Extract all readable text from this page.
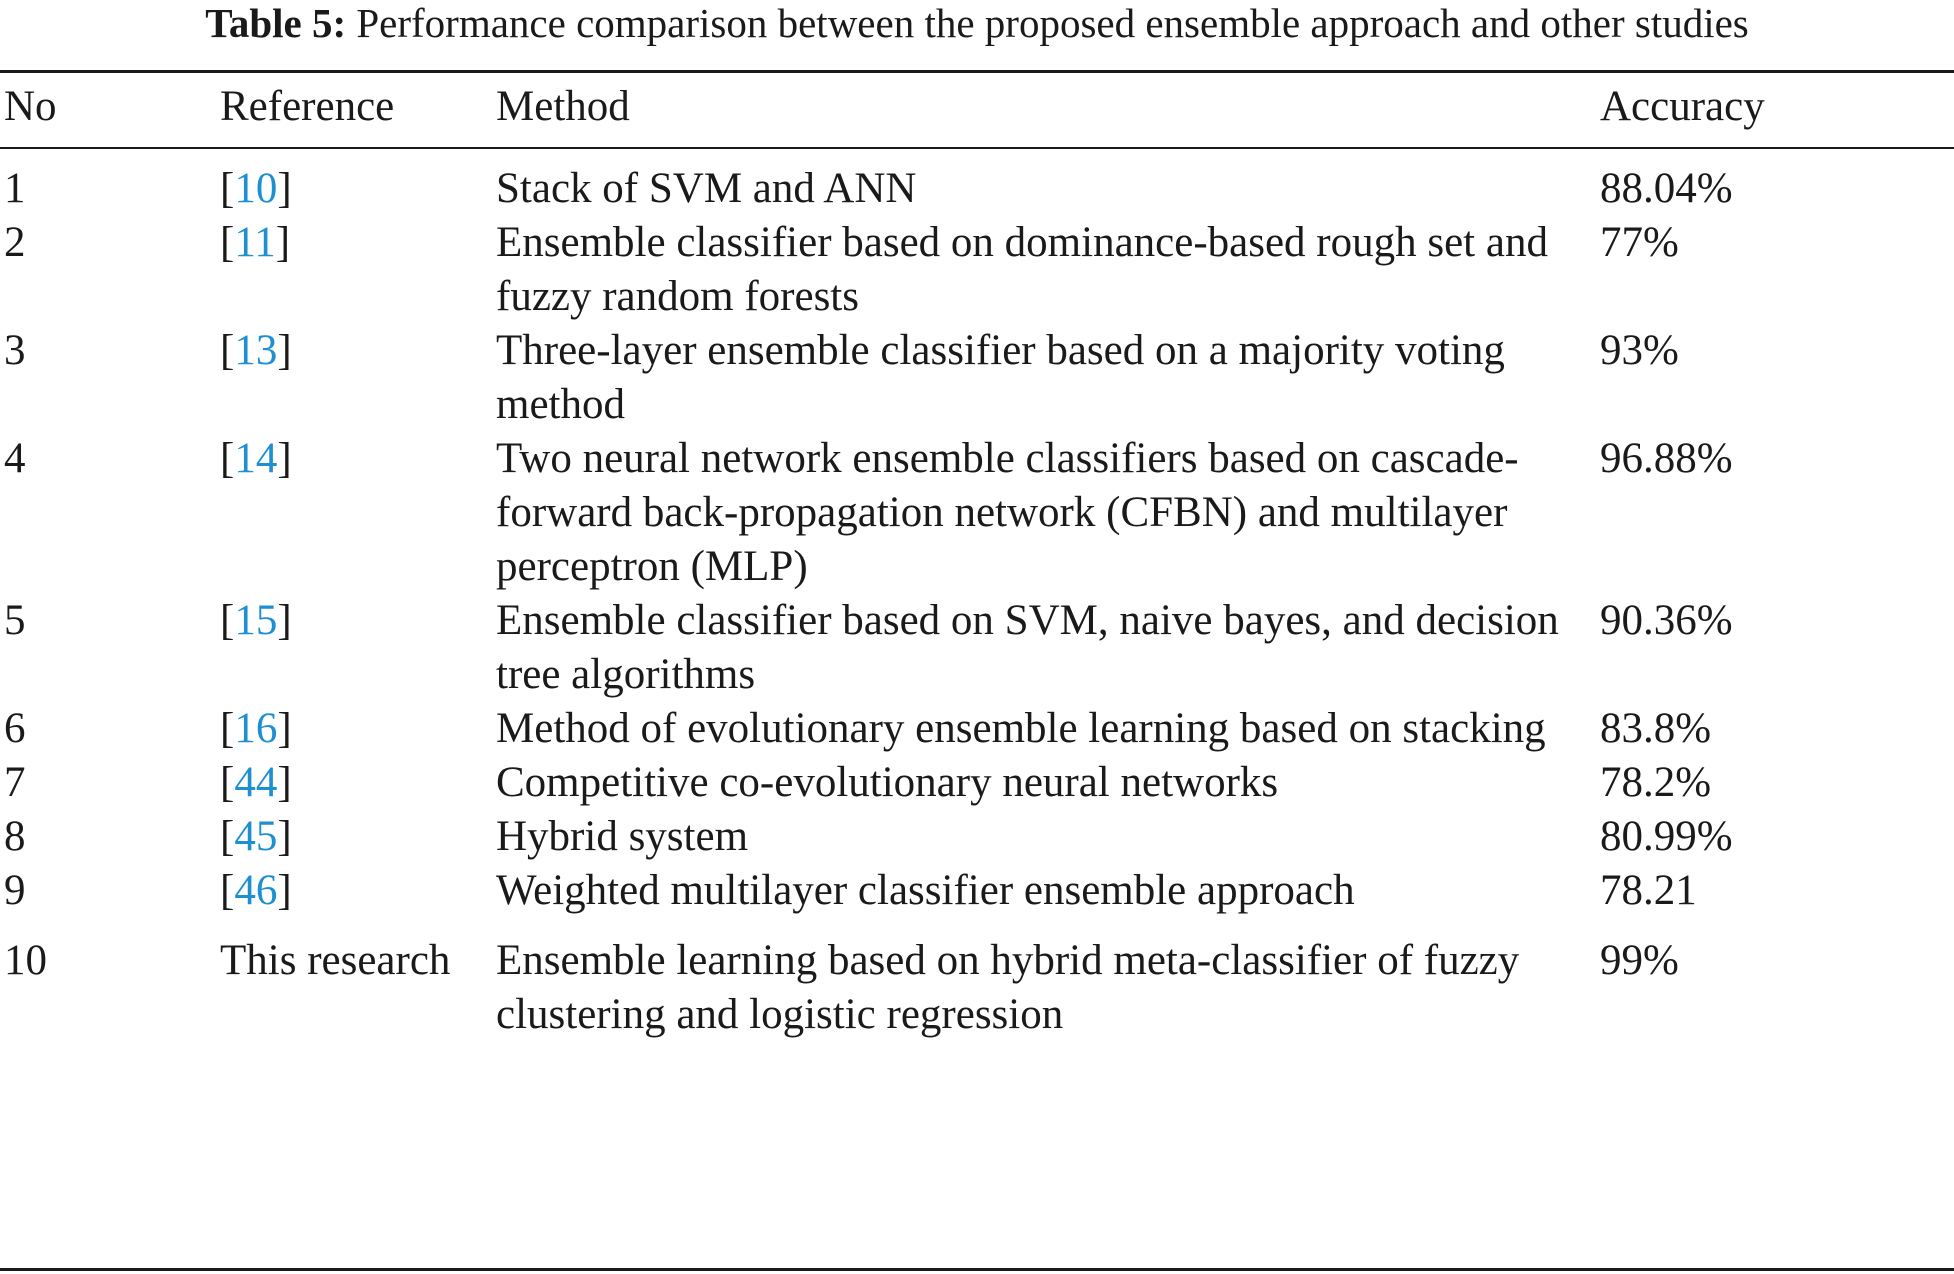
Table 5: Performance comparison between the proposed ensemble approach and other studies
No	Reference	Method	Accuracy
1	[10]	Stack of SVM and ANN	88.04%
2	[11]	Ensemble classifier based on dominance-based rough set and fuzzy random forests	77%
3	[13]	Three-layer ensemble classifier based on a majority voting method	93%
4	[14]	Two neural network ensemble classifiers based on cascade-forward back-propagation network (CFBN) and multilayer perceptron (MLP)	96.88%
5	[15]	Ensemble classifier based on SVM, naive bayes, and decision tree algorithms	90.36%
6	[16]	Method of evolutionary ensemble learning based on stacking	83.8%
7	[44]	Competitive co-evolutionary neural networks	78.2%
8	[45]	Hybrid system	80.99%
9	[46]	Weighted multilayer classifier ensemble approach	78.21
10	This research	Ensemble learning based on hybrid meta-classifier of fuzzy clustering and logistic regression	99%
